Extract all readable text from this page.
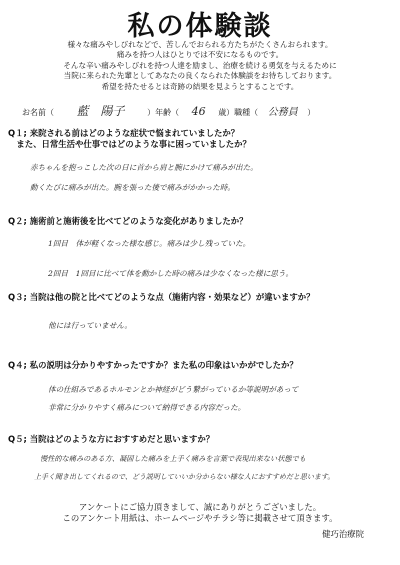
私の体験談
様々な痛みやしびれなどで、苦しんでおられる方たちがたくさんおられます。
痛みを持つ人はひとりでは不安になるものです。
そんな辛い痛みやしびれを持つ人達を励まし、治療を続ける勇気を与えるために
当院に来られた先輩としてあなたの良くなられた体験談をお待ちしております。
希望を持たせるとは奇跡の結果を見ようとすることです。
お名前（ 藍　陽子	）年齢（ 46 歳）職種（ 公務員 ）
Q１; 来院される前はどのような症状で悩まれていましたか？
　また、日常生活や仕事ではどのような事に困っていましたか？
赤ちゃんを抱っこした次の日に首から肩と腕にかけて痛みが出た。
動くたびに痛みが出た。腕を張った後で痛みがかかった時。
Q２; 施術前と施術後を比べてどのような変化がありましたか？
1回目　体が軽くなった様な感じ。痛みは少し残っていた。
2回目　1回目に比べて体を動かした時の痛みは少なくなった様に思う。
Q３; 当院は他の院と比べてどのような点（施術内容・効果など）が違いますか？
他には行っていません。
Q４; 私の説明は分かりやすかったですか？また私の印象はいかがでしたか？
体の仕組みであるホルモンとか神経がどう繋がっているか等説明があって
非常に分かりやすく痛みについて納得できる内容だった。
Q５; 当院はどのような方におすすめだと思いますか？
慢性的な痛みのある方、凝固した痛みを上手く痛みを言葉で表現出来ない状態でも
上手く聞き出してくれるので、どう説明していいか分からない様な人におすすめだと思います。
アンケートにご協力頂きまして、誠にありがとうございました。
このアンケート用紙は、ホームページやチラシ等に掲載させて頂きます。
健巧治療院
